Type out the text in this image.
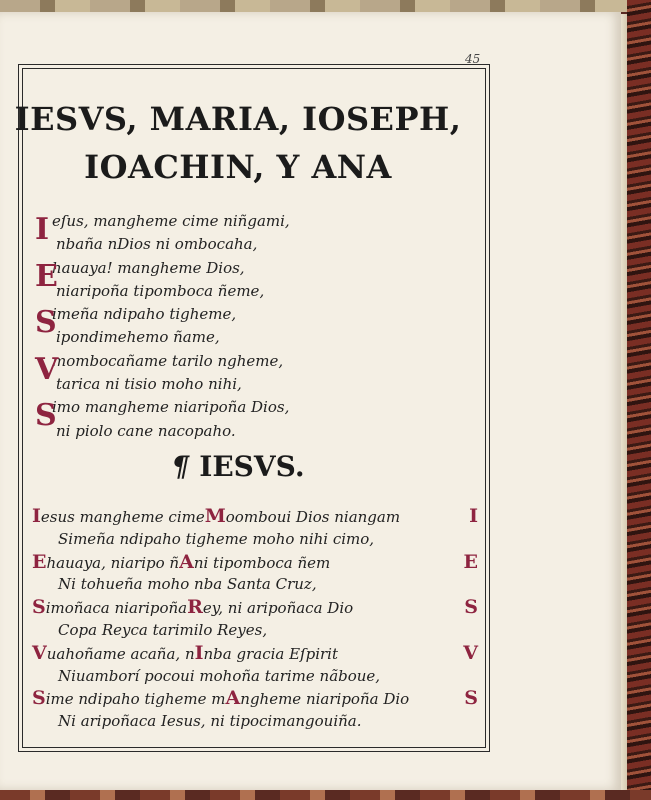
45
IESVS, MARIA, IOSEPH,
IOACHIN, Y ANA
I eſus, mangheme cime niñgami,
nbaña nDios ni ombocaha,
E
hauaya! mangheme Dios,
niaripoña tipomboca ñeme,
S
imeña ndipaho tigheme,
ipondimehemo ñame,
V
mombocañame tarilo ngheme,
tarica ni tisio moho nihi,
S
imo mangheme niaripoña Dios,
ni piolo cane nacopaho.
¶ IESVS.
I esus mangheme cime M oomboui Dios niangam	I
Simeña ndipaho tigheme moho nihi cimo,
E hauaya, niaripo ñ A ni tipomboca ñem	E
Ni tohueña moho nba Santa Cruz,
S imoñaca niaripoña R ey, ni aripoñaca Dio	S
Copa Reyca tarimilo Reyes,
V uahoñame acaña, n I nba gracia Eſpirit	V
Niuamborí pocoui mohoña tarime nãboue,
S ime ndipaho tigheme m A ngheme niaripoña Dio	S
Ni aripoñaca Iesus, ni tipocimangouiña.
